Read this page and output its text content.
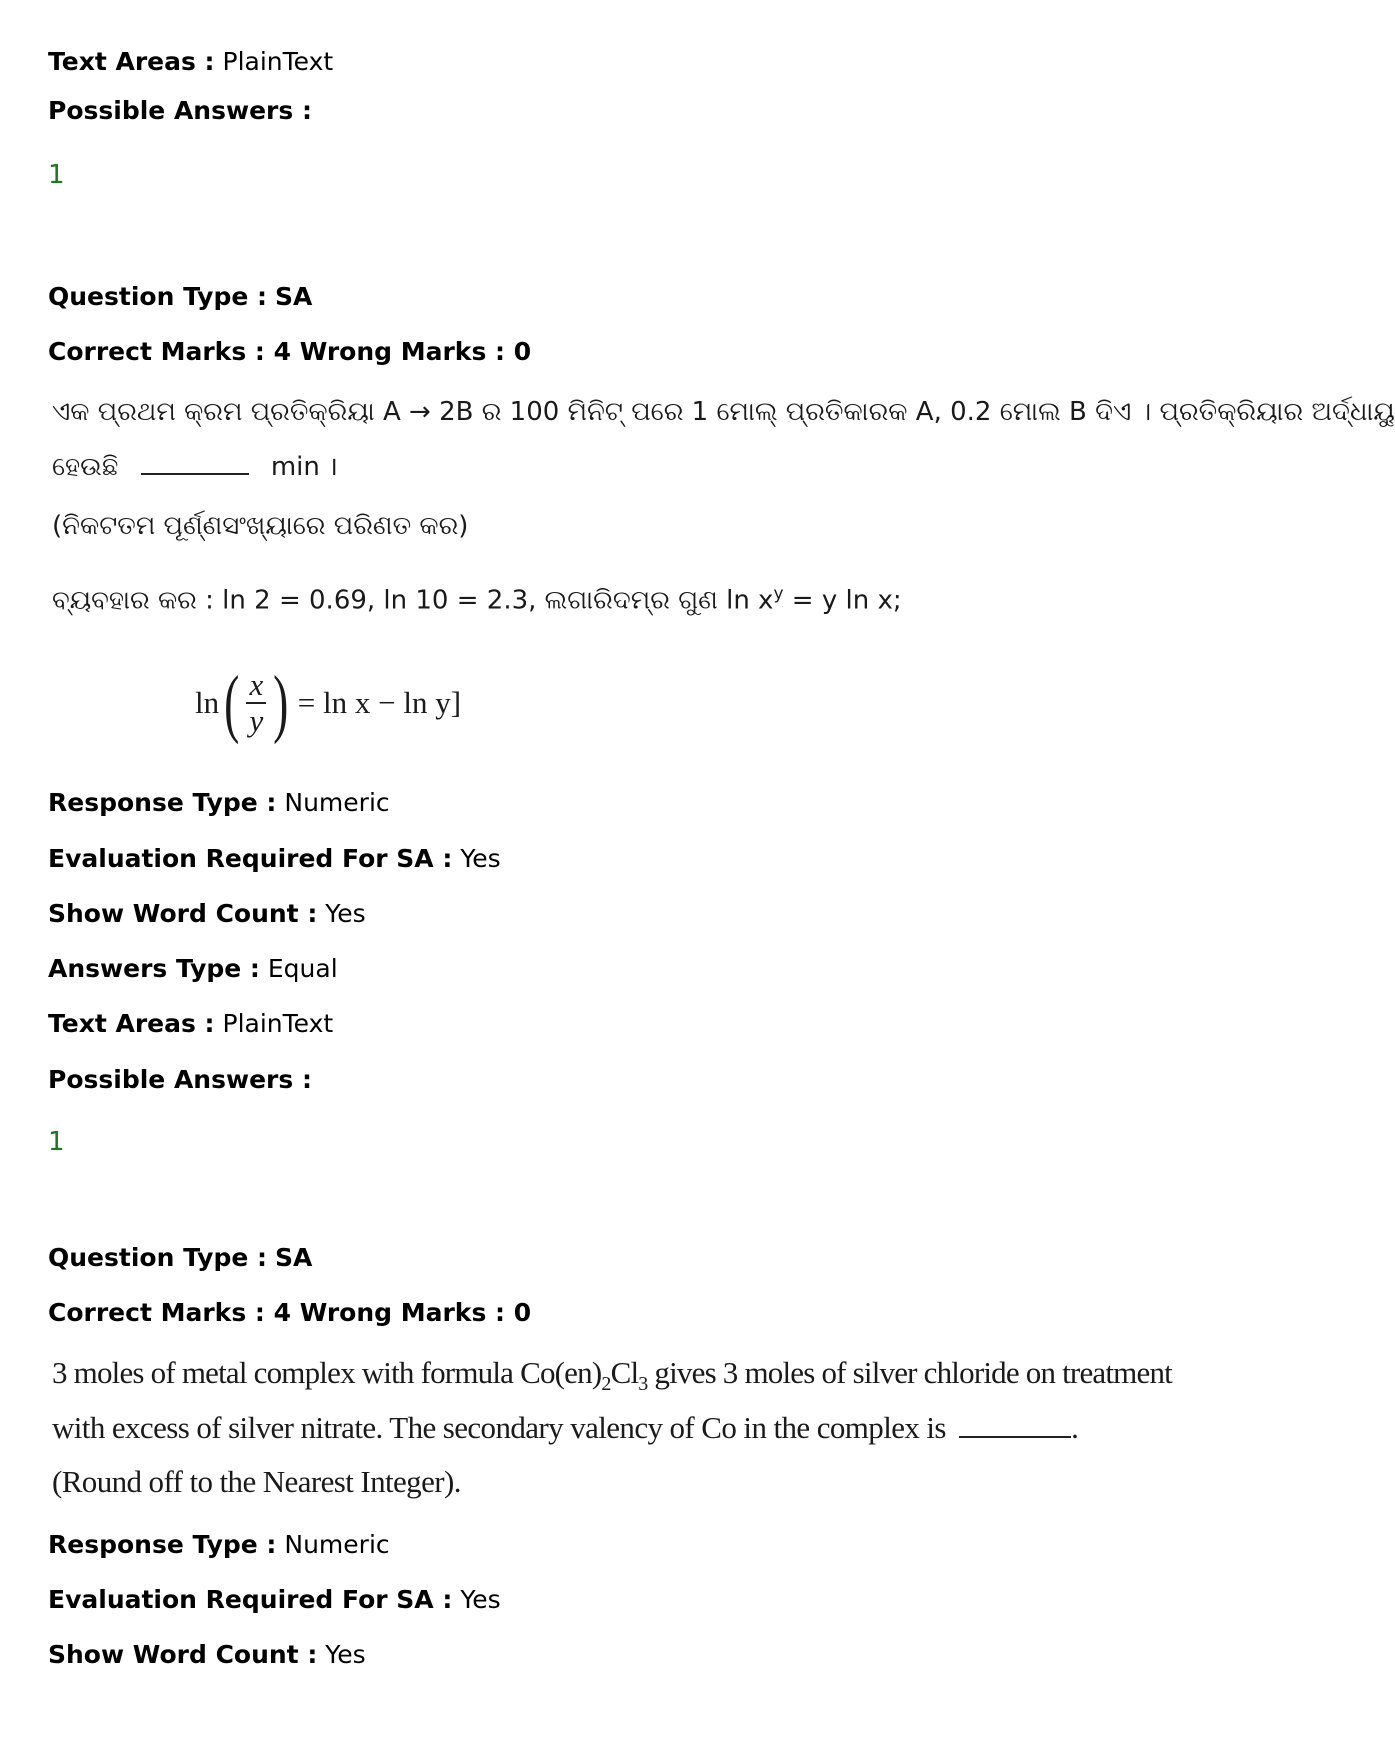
Text Areas : PlainText
Possible Answers :
1
Question Type : SA
Correct Marks : 4 Wrong Marks : 0
ଏକ ପ୍ରଥମ କ୍ରମ ପ୍ରତିକ୍ରିୟା A → 2B ର 100 ମିନିଟ୍ ପରେ 1 ମୋଲ୍ ପ୍ରତିକାରକ A, 0.2 ମୋଲ B ଦିଏ । ପ୍ରତିକ୍ରିୟାର ଅର୍ଦ୍ଧାୟୁ
ହେଉଛି	min ।
(ନିକଟତମ ପୂର୍ଣ୍ଣସଂଖ୍ୟାରେ ପରିଣତ କର)
ବ୍ୟବହାର କର : ln 2 = 0.69, ln 10 = 2.3, ଲଗାରିଦମ୍‌ର ଗୁଣ $\ln x^y = y$ ln x;
ln ( $\frac{x}{y}$ ) = ln x − ln y]
Response Type : Numeric
Evaluation Required For SA : Yes
Show Word Count : Yes
Answers Type : Equal
Text Areas : PlainText
Possible Answers :
1
Question Type : SA
Correct Marks : 4 Wrong Marks : 0
3 moles of metal complex with formula $Co(en)_2Cl_3$ gives 3 moles of silver chloride on treatment
with excess of silver nitrate. The secondary valency of Co in the complex is	.
(Round off to the Nearest Integer).
Response Type : Numeric
Evaluation Required For SA : Yes
Show Word Count : Yes
